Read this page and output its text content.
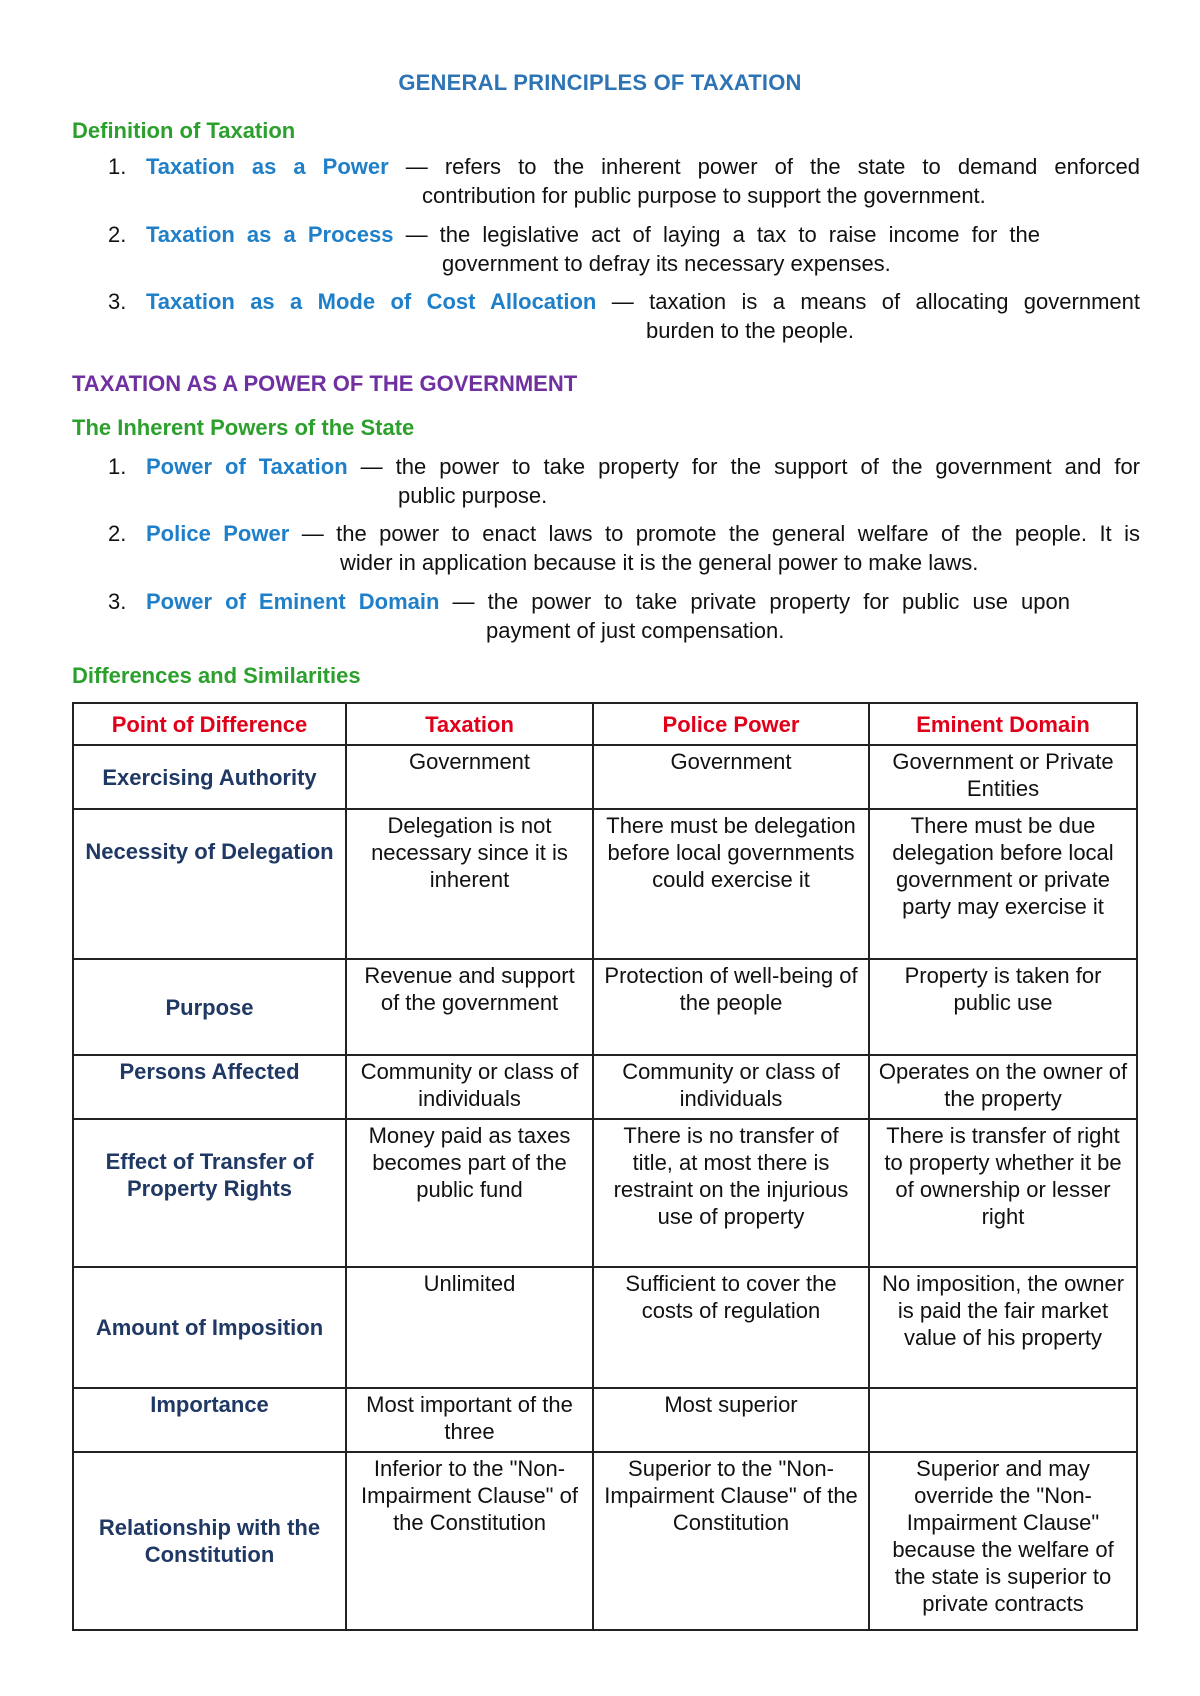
GENERAL PRINCIPLES OF TAXATION
Definition of Taxation
1. Taxation as a Power — refers to the inherent power of the state to demand enforced
contribution for public purpose to support the government.
2. Taxation as a Process — the legislative act of laying a tax to raise income for the
government to defray its necessary expenses.
3. Taxation as a Mode of Cost Allocation — taxation is a means of allocating government
burden to the people.
TAXATION AS A POWER OF THE GOVERNMENT
The Inherent Powers of the State
1. Power of Taxation — the power to take property for the support of the government and for
public purpose.
2. Police Power — the power to enact laws to promote the general welfare of the people. It is
wider in application because it is the general power to make laws.
3. Power of Eminent Domain — the power to take private property for public use upon
payment of just compensation.
Differences and Similarities
Point of Difference	Taxation	Police Power	Eminent Domain
Exercising Authority	Government	Government	Government or Private Entities
Necessity of Delegation	Delegation is not necessary since it is inherent	There must be delegation before local governments could exercise it	There must be due delegation before local government or private party may exercise it
Purpose	Revenue and support of the government	Protection of well-being of the people	Property is taken for public use
Persons Affected	Community or class of individuals	Community or class of individuals	Operates on the owner of the property
Effect of Transfer of Property Rights	Money paid as taxes becomes part of the public fund	There is no transfer of title, at most there is restraint on the injurious use of property	There is transfer of right to property whether it be of ownership or lesser right
Amount of Imposition	Unlimited	Sufficient to cover the costs of regulation	No imposition, the owner is paid the fair market value of his property
Importance	Most important of the three	Most superior	
Relationship with the Constitution	Inferior to the "Non-Impairment Clause" of the Constitution	Superior to the "Non-Impairment Clause" of the Constitution	Superior and may override the "Non-Impairment Clause" because the welfare of the state is superior to private contracts
